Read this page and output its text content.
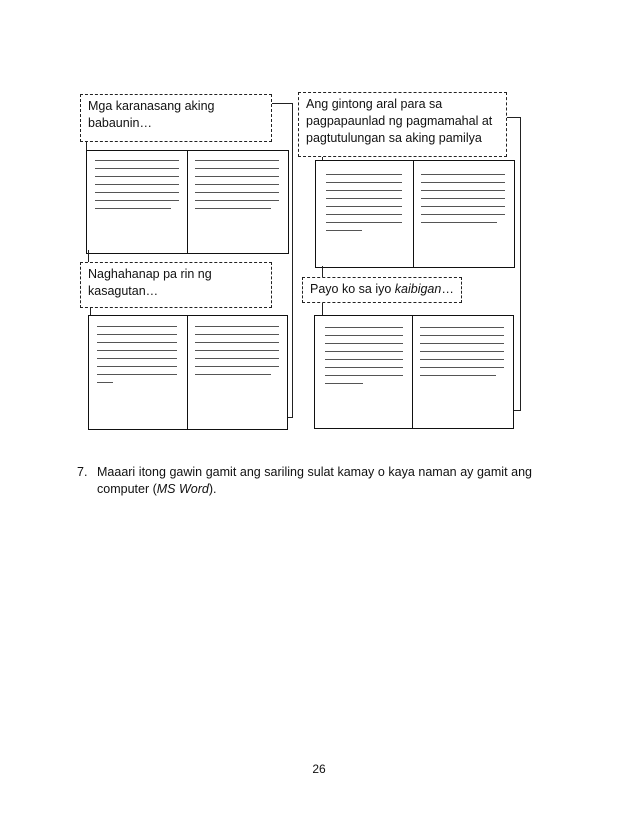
Mga karanasang aking
babaunin…
Ang gintong aral para sa
pagpapaunlad ng pagmamahal at
pagtutulungan sa aking pamilya
Naghahanap pa rin ng
kasagutan…	Payo ko sa iyo kaibigan…
7. Maaari itong gawin gamit ang sariling sulat kamay o kaya naman ay gamit ang computer (MS Word).
26
